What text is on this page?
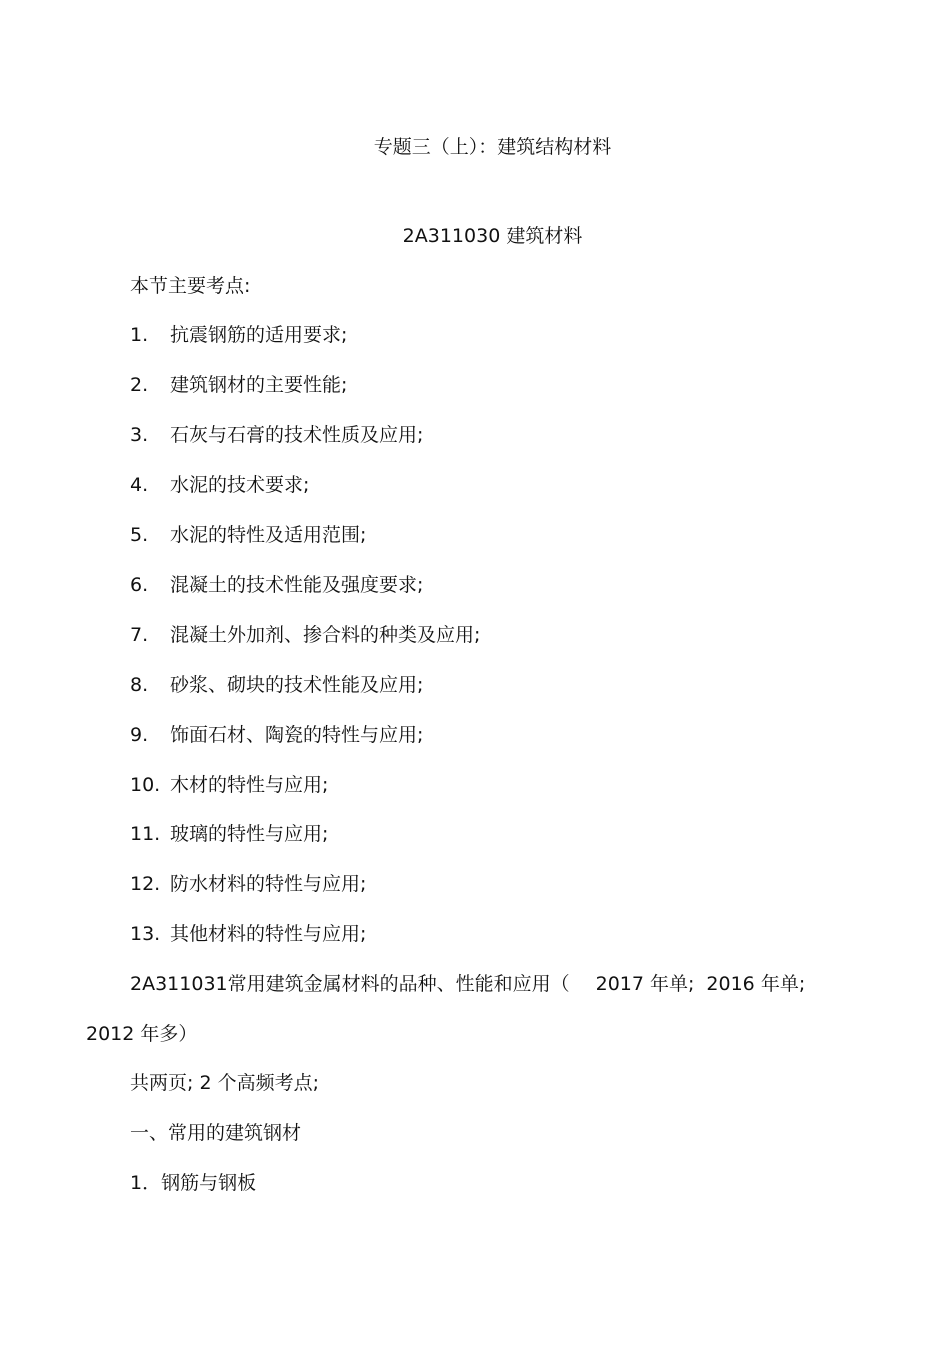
专题三（上）：建筑结构材料
2A311030 建筑材料
本节主要考点:
1. 抗震钢筋的适用要求;
2. 建筑钢材的主要性能;
3. 石灰与石膏的技术性质及应用;
4. 水泥的技术要求;
5. 水泥的特性及适用范围;
6. 混凝土的技术性能及强度要求;
7. 混凝土外加剂、掺合料的种类及应用;
8. 砂浆、砌块的技术性能及应用;
9. 饰面石材、陶瓷的特性与应用;
10. 木材的特性与应用;
11. 玻璃的特性与应用;
12. 防水材料的特性与应用;
13. 其他材料的特性与应用;
2A311031常用建筑金属材料的品种、性能和应用（ 2017 年单; 2016 年单;
2012 年多）
共两页; 2 个高频考点;
一、常用的建筑钢材
1．钢筋与钢板
